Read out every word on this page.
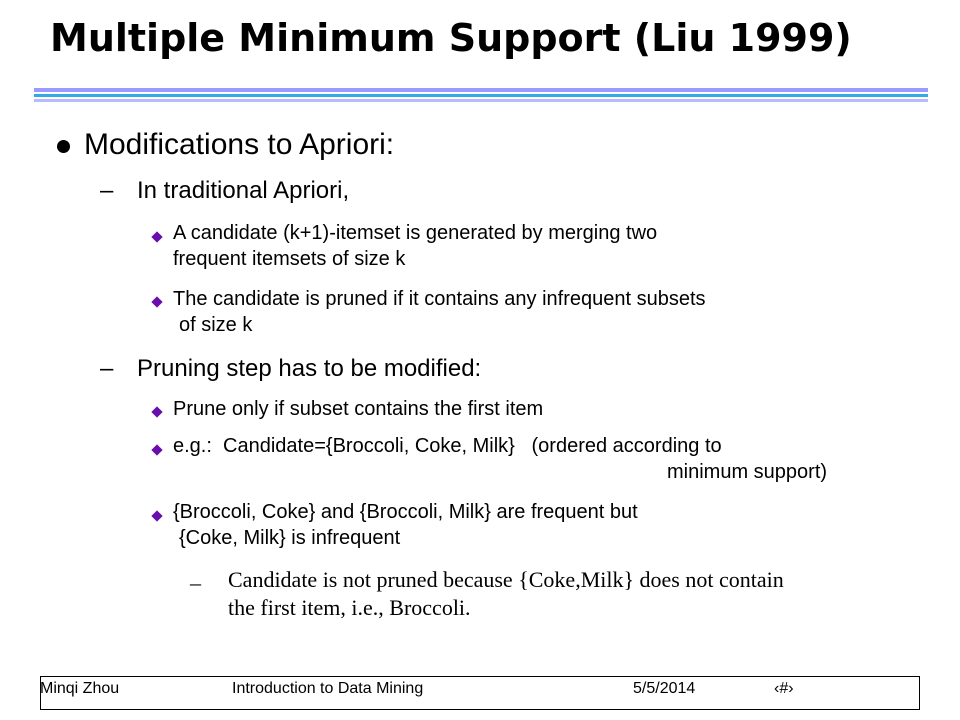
Multiple Minimum Support (Liu 1999)
Modifications to Apriori:
– In traditional Apriori,
A candidate (k+1)-itemset is generated by merging two
frequent itemsets of size k
The candidate is pruned if it contains any infrequent subsets
of size k
– Pruning step has to be modified:
Prune only if subset contains the first item
e.g.:  Candidate={Broccoli, Coke, Milk}   (ordered according to
minimum support)
{Broccoli, Coke} and {Broccoli, Milk} are frequent but
{Coke, Milk} is infrequent
– Candidate is not pruned because {Coke,Milk} does not contain
the first item, i.e., Broccoli.
Minqi Zhou	Introduction to Data Mining	5/5/2014	‹#›
